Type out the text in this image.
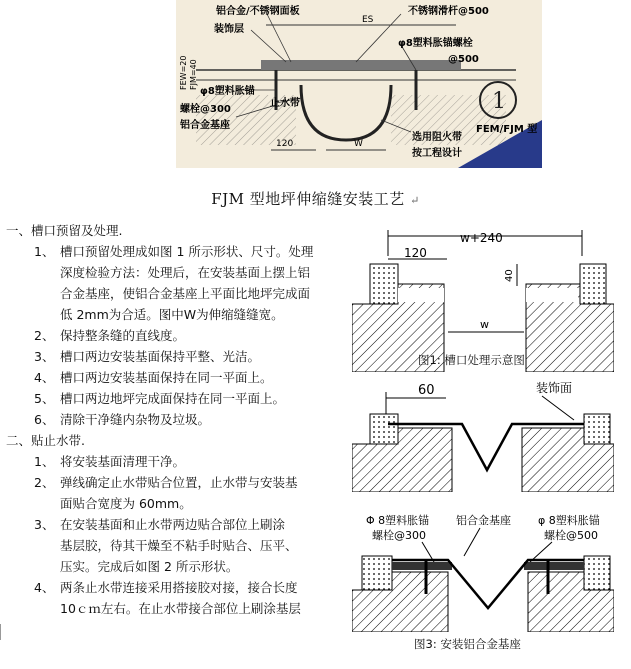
1
铝合金/不锈钢面板
装饰层
ES
不锈钢滑杆@500
φ8塑料胀锚螺栓
@500
FEW=20 FJM=40
φ8塑料胀锚
螺栓@300
铝合金基座
止水带
120	W
选用阻火带
按工程设计
FEM/FJM 型
FJM 型地坪伸缩缝安装工艺 ↵
一、槽口预留及处理.
1、 槽口预留处理成如图 1 所示形状、尺寸。处理
深度检验方法：处理后，在安装基面上摆上铝
合金基座，使铝合金基座上平面比地坪完成面
低 2mm为合适。图中W为伸缩缝缝宽。
2、 保持整条缝的直线度。
3、 槽口两边安装基面保持平整、光洁。
4、 槽口两边安装基面保持在同一平面上。
5、 槽口两边地坪完成面保持在同一平面上。
6、 清除干净缝内杂物及垃圾。
二、贴止水带.
1、 将安装基面清理干净。
2、 弹线确定止水带贴合位置，止水带与安装基
面贴合宽度为 60mm。
3、 在安装基面和止水带两边贴合部位上刷涂
基层胶，待其干燥至不粘手时贴合、压平、
压实。完成后如图 2 所示形状。
4、 两条止水带连接采用搭接胶对接，接合长度
10ｃｍ左右。在止水带接合部位上刷涂基层
w+240
120
40
w
图1: 槽口处理示意图
60	装饰面
Φ 8塑料胀锚
螺栓@300
铝合金基座 φ 8塑料胀锚
螺栓@500
图3: 安装铝合金基座
